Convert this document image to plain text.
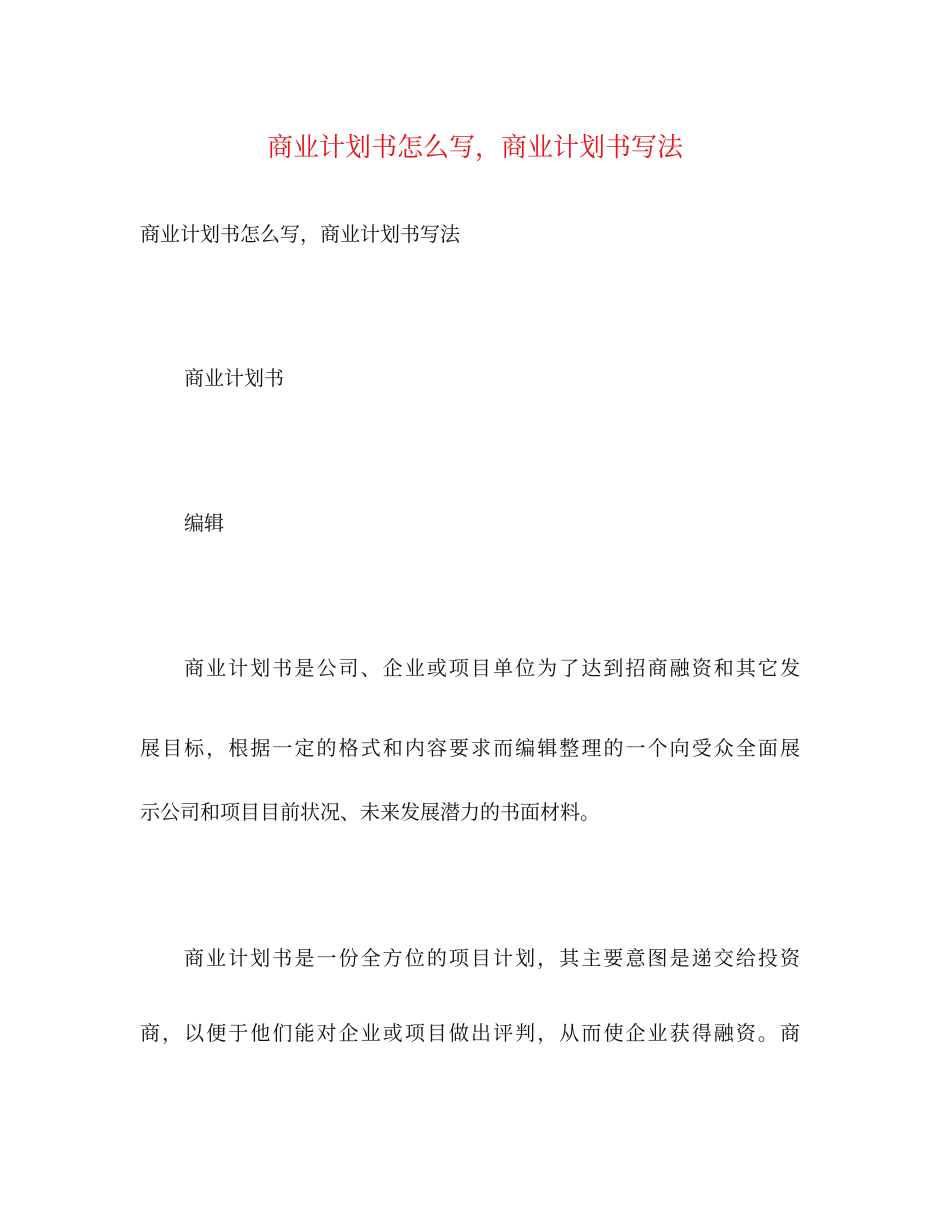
商业计划书怎么写，商业计划书写法
商业计划书怎么写，商业计划书写法
商业计划书
编辑
商业计划书是公司、企业或项目单位为了达到招商融资和其它发
展目标，根据一定的格式和内容要求而编辑整理的一个向受众全面展
示公司和项目目前状况、未来发展潜力的书面材料。
商业计划书是一份全方位的项目计划，其主要意图是递交给投资
商，以便于他们能对企业或项目做出评判，从而使企业获得融资。商
